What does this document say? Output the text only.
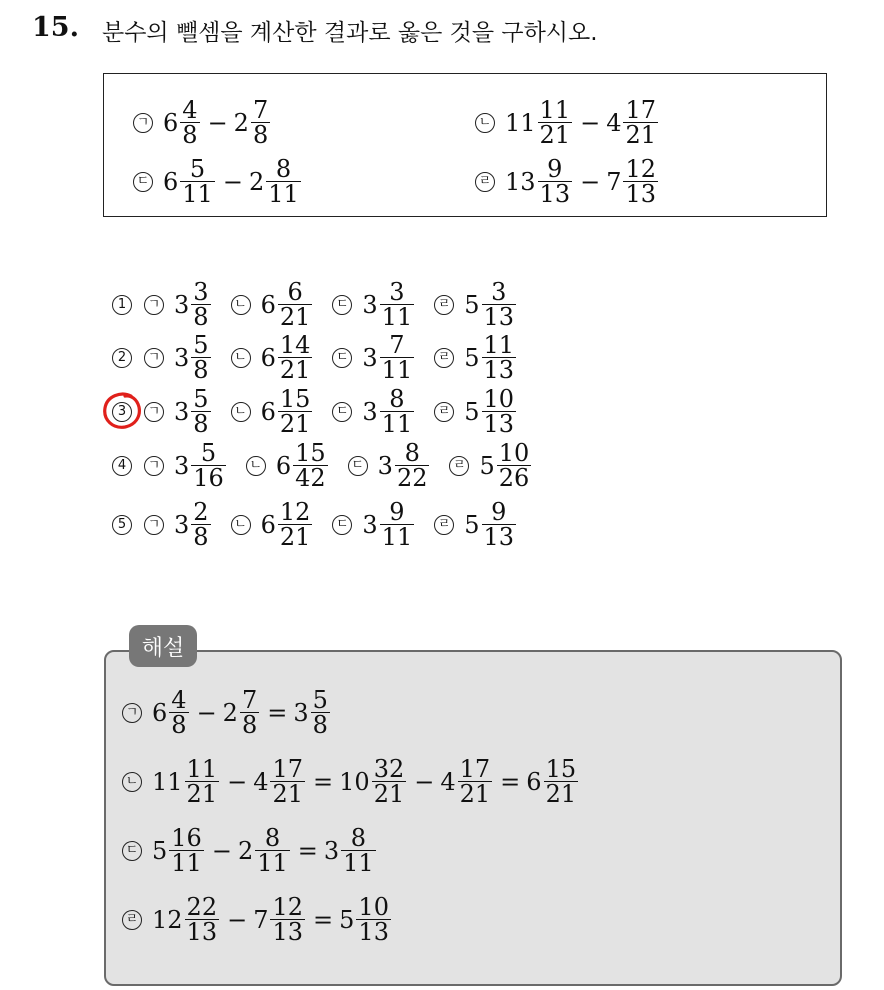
15. 분수의 뺄셈을 계산한 결과로 옳은 것을 구하시오.
ㄱ $6 \frac{4}{8} - 2 \frac{7}{8}$	ㄴ $11 \frac{11}{21} - 4 \frac{17}{21}$
ㄷ $6 \frac{5}{11} - 2 \frac{8}{11}$	ㄹ $13 \frac{9}{13} - 7 \frac{12}{13}$
1	ㄱ $3 \frac{3}{8}$ ㄴ $6 \frac{6}{21}$ ㄷ $3 \frac{3}{11}$ ㄹ $5 \frac{3}{13}$
2	ㄱ $3 \frac{5}{8}$ ㄴ $6 \frac{14}{21}$ ㄷ $3 \frac{7}{11}$ ㄹ $5 \frac{11}{13}$
3	ㄱ $3 \frac{5}{8}$ ㄴ $6 \frac{15}{21}$ ㄷ $3 \frac{8}{11}$ ㄹ $5 \frac{10}{13}$
4	ㄱ $3 \frac{5}{16}$ ㄴ $6 \frac{15}{42}$ ㄷ $3 \frac{8}{22}$ ㄹ $5 \frac{10}{26}$
5	ㄱ $3 \frac{2}{8}$ ㄴ $6 \frac{12}{21}$ ㄷ $3 \frac{9}{11}$ ㄹ $5 \frac{9}{13}$
해설
ㄱ $6 \frac{4}{8} - 2 \frac{7}{8} = 3 \frac{5}{8}$
ㄴ $11 \frac{11}{21} - 4 \frac{17}{21} = 10 \frac{32}{21} - 4 \frac{17}{21} = 6 \frac{15}{21}$
ㄷ $5 \frac{16}{11} - 2 \frac{8}{11} = 3 \frac{8}{11}$
ㄹ $12 \frac{22}{13} - 7 \frac{12}{13} = 5 \frac{10}{13}$
